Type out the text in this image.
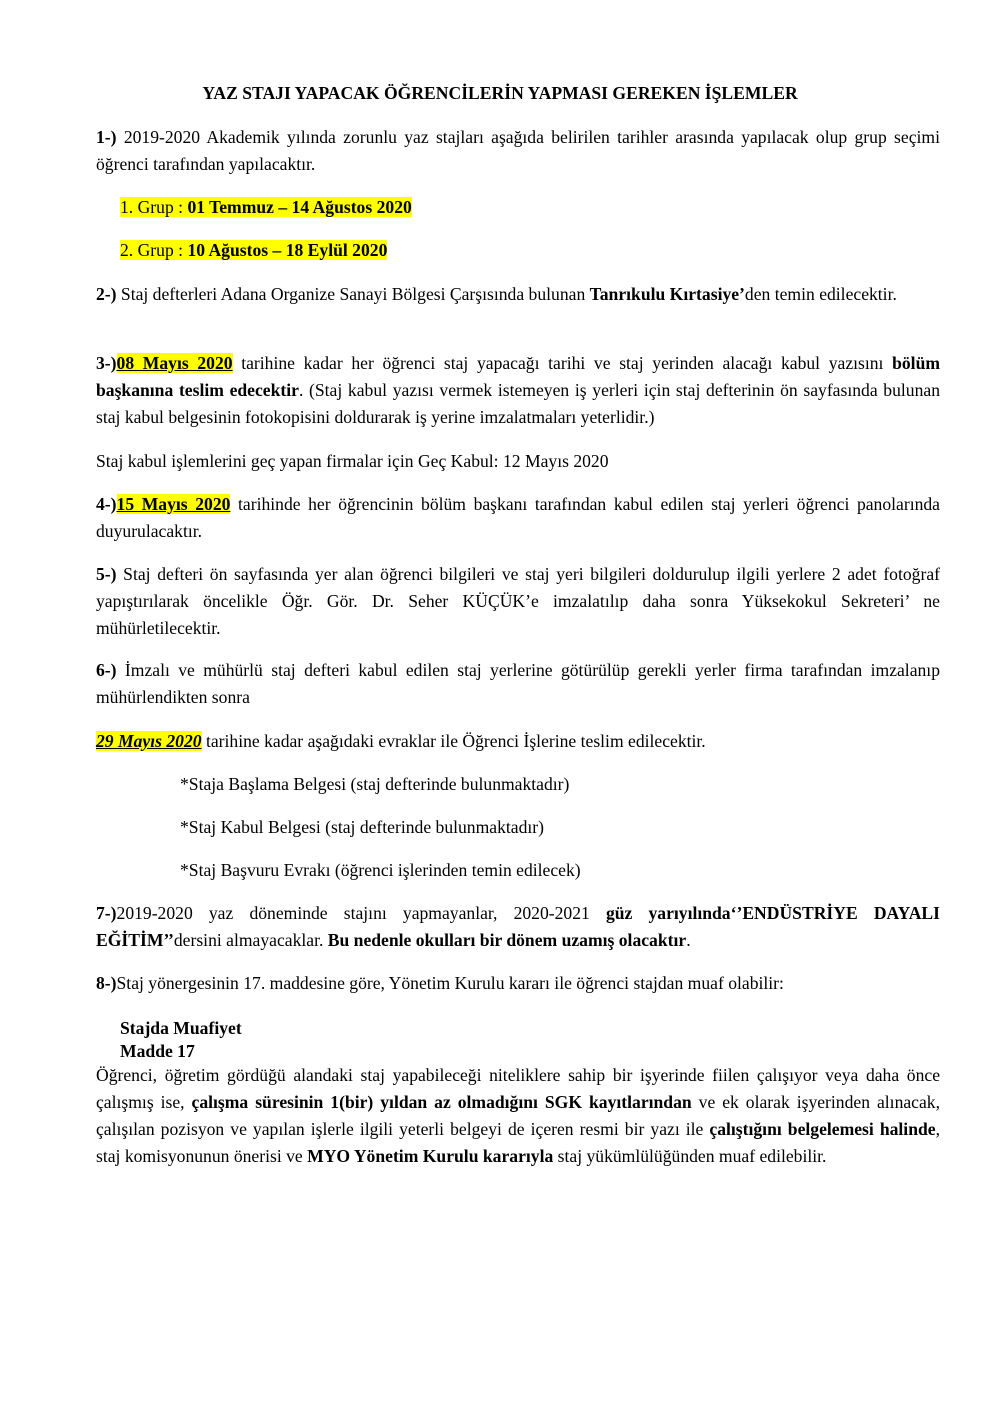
YAZ STAJI YAPACAK ÖĞRENCİLERİN YAPMASI GEREKEN İŞLEMLER
1-) 2019-2020 Akademik yılında zorunlu yaz stajları aşağıda belirilen tarihler arasında yapılacak olup grup seçimi öğrenci tarafından yapılacaktır.
1. Grup : 01 Temmuz – 14 Ağustos 2020
2. Grup : 10 Ağustos – 18 Eylül 2020
2-) Staj defterleri Adana Organize Sanayi Bölgesi Çarşısında bulunan Tanrıkulu Kırtasiye’den temin edilecektir.
3-)08 Mayıs 2020 tarihine kadar her öğrenci staj yapacağı tarihi ve staj yerinden alacağı kabul yazısını bölüm başkanına teslim edecektir. (Staj kabul yazısı vermek istemeyen iş yerleri için staj defterinin ön sayfasında bulunan staj kabul belgesinin fotokopisini doldurarak iş yerine imzalatmaları yeterlidir.)
Staj kabul işlemlerini geç yapan firmalar için Geç Kabul: 12 Mayıs 2020
4-)15 Mayıs 2020 tarihinde her öğrencinin bölüm başkanı tarafından kabul edilen staj yerleri öğrenci panolarında duyurulacaktır.
5-) Staj defteri ön sayfasında yer alan öğrenci bilgileri ve staj yeri bilgileri doldurulup ilgili yerlere 2 adet fotoğraf yapıştırılarak öncelikle Öğr. Gör. Dr. Seher KÜÇÜK’e imzalatılıp daha sonra Yüksekokul Sekreteri’ ne mühürletilecektir.
6-) İmzalı ve mühürlü staj defteri kabul edilen staj yerlerine götürülüp gerekli yerler firma tarafından imzalanıp mühürlendikten sonra
29 Mayıs 2020 tarihine kadar aşağıdaki evraklar ile Öğrenci İşlerine teslim edilecektir.
*Staja Başlama Belgesi (staj defterinde bulunmaktadır)
*Staj Kabul Belgesi (staj defterinde bulunmaktadır)
*Staj Başvuru Evrakı (öğrenci işlerinden temin edilecek)
7-)2019-2020 yaz döneminde stajını yapmayanlar, 2020-2021 güz yarıyılında‘’ENDÜSTRİYE DAYALI EĞİTİM’’dersini almayacaklar. Bu nedenle okulları bir dönem uzamış olacaktır.
8-)Staj yönergesinin 17. maddesine göre, Yönetim Kurulu kararı ile öğrenci stajdan muaf olabilir:
Stajda Muafiyet
Madde 17
Öğrenci, öğretim gördüğü alandaki staj yapabileceği niteliklere sahip bir işyerinde fiilen çalışıyor veya daha önce çalışmış ise, çalışma süresinin 1(bir) yıldan az olmadığını SGK kayıtlarından ve ek olarak işyerinden alınacak, çalışılan pozisyon ve yapılan işlerle ilgili yeterli belgeyi de içeren resmi bir yazı ile çalıştığını belgelemesi halinde, staj komisyonunun önerisi ve MYO Yönetim Kurulu kararıyla staj yükümlülüğünden muaf edilebilir.
